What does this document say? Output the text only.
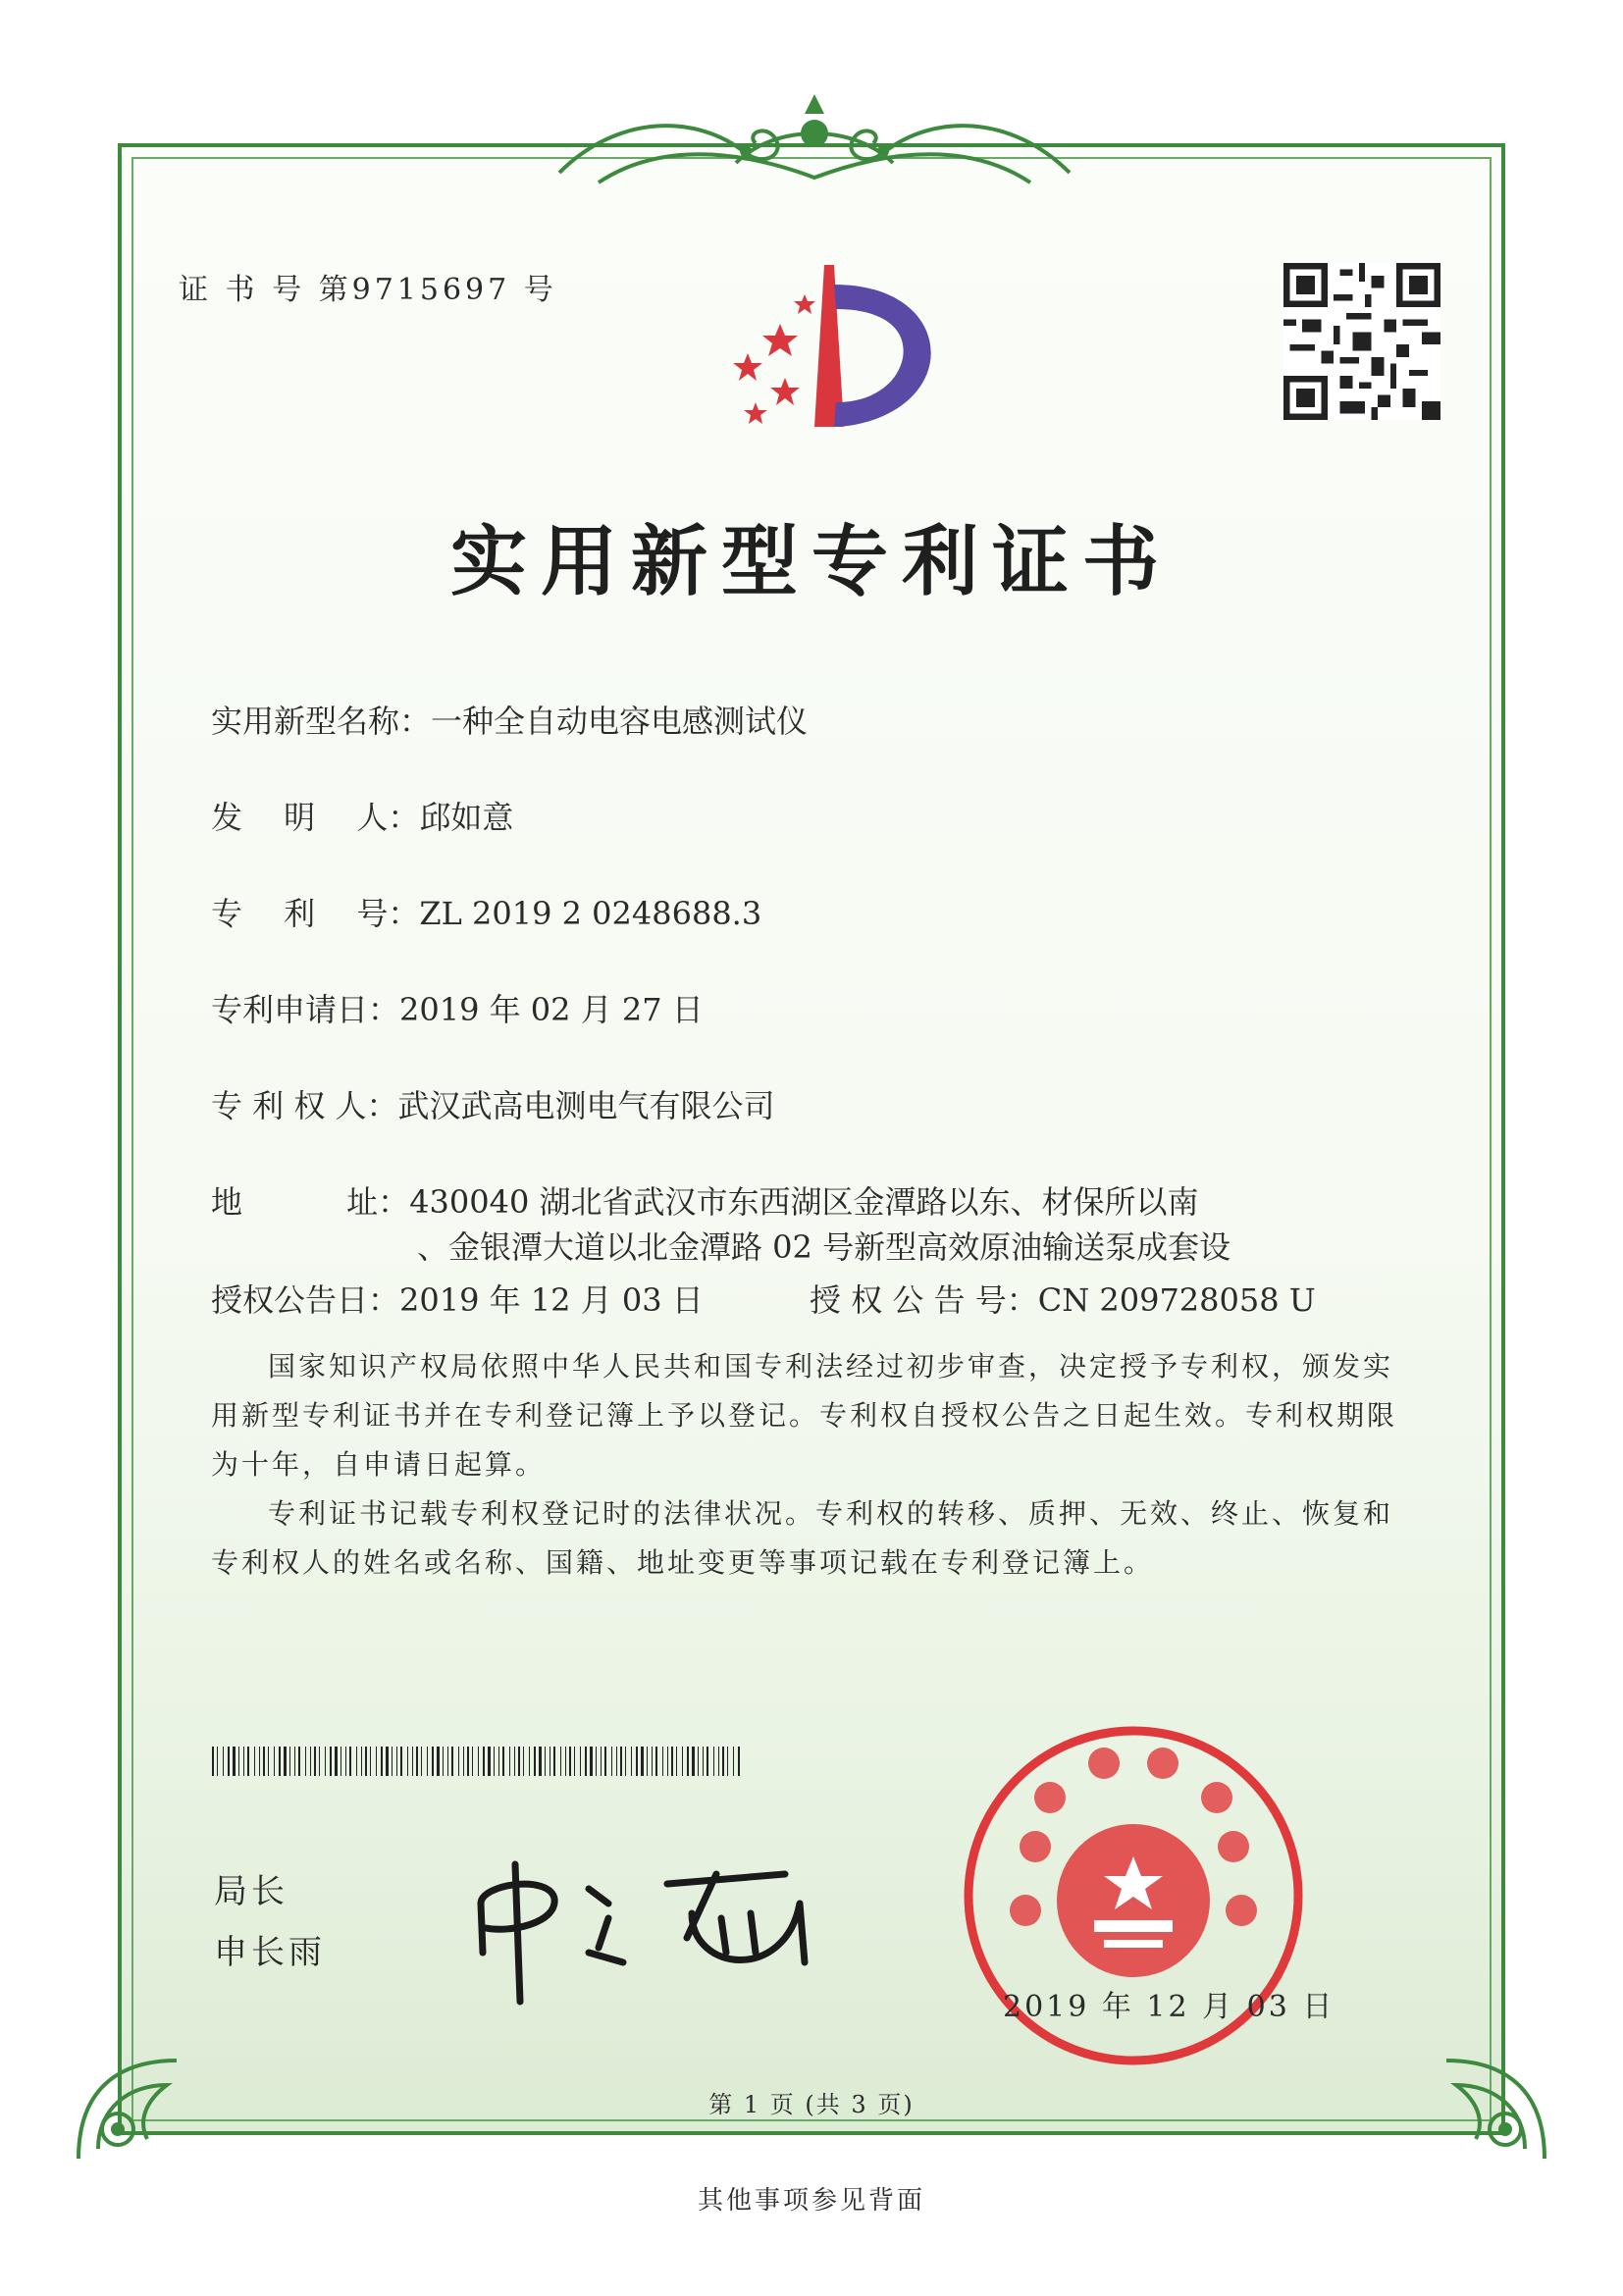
证 书 号 第9715697 号
实用新型专利证书
实用新型名称：一种全自动电容电感测试仪
发　 明　 人：邱如意
专　 利　 号：ZL 2019 2 0248688.3
专利申请日：2019 年 02 月 27 日
专 利 权 人：武汉武高电测电气有限公司
地　　　 址：430040 湖北省武汉市东西湖区金潭路以东、材保所以南
、金银潭大道以北金潭路 02 号新型高效原油输送泵成套设
授权公告日：2019 年 12 月 03 日	授 权 公 告 号：CN 209728058 U
国家知识产权局依照中华人民共和国专利法经过初步审查，决定授予专利权，颁发实用新型专利证书并在专利登记簿上予以登记。专利权自授权公告之日起生效。专利权期限为十年，自申请日起算。
专利证书记载专利权登记时的法律状况。专利权的转移、质押、无效、终止、恢复和专利权人的姓名或名称、国籍、地址变更等事项记载在专利登记簿上。
局长
申长雨
2019 年 12 月 03 日
第 1 页 (共 3 页)
其他事项参见背面
